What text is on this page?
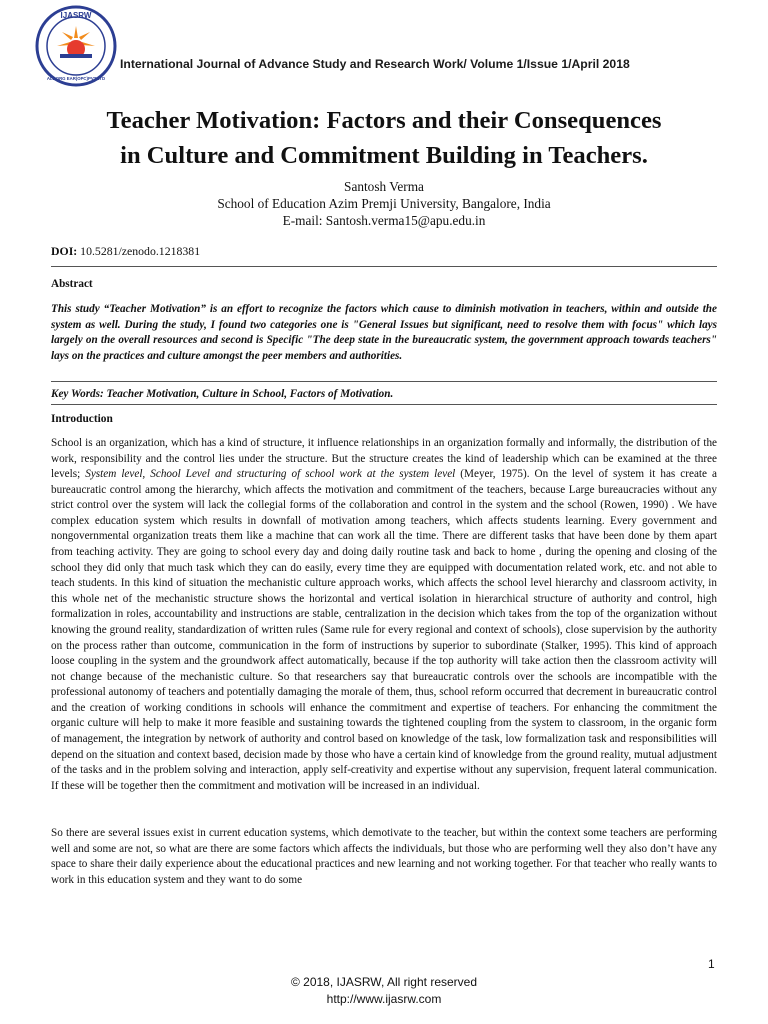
IJASRW
ALBORG EAR(OPC)PVT.LTD
International Journal of Advance Study and Research Work/ Volume 1/Issue 1/April 2018
Teacher Motivation: Factors and their Consequences
in Culture and Commitment Building in Teachers.
Santosh Verma
School of Education Azim Premji University, Bangalore, India
E-mail: Santosh.verma15@apu.edu.in
DOI: 10.5281/zenodo.1218381
Abstract
This study “Teacher Motivation” is an effort to recognize the factors which cause to diminish motivation in teachers, within and outside the system as well. During the study, I found two categories one is "General Issues but significant, need to resolve them with focus" which lays largely on the overall resources and second is Specific "The deep state in the bureaucratic system, the government approach towards teachers" lays on the practices and culture amongst the peer members and authorities.
Key Words: Teacher Motivation, Culture in School, Factors of Motivation.
Introduction
School is an organization, which has a kind of structure, it influence relationships in an organization formally and informally, the distribution of the work, responsibility and the control lies under the structure. But the structure creates the kind of leadership which can be examined at the three levels; System level, School Level and structuring of school work at the system level (Meyer, 1975). On the level of system it has create a bureaucratic control among the hierarchy, which affects the motivation and commitment of the teachers, because Large bureaucracies without any strict control over the system will lack the collegial forms of the collaboration and control in the system and the school (Rowen, 1990) . We have complex education system which results in downfall of motivation among teachers, which affects students learning. Every government and nongovernmental organization treats them like a machine that can work all the time. There are different tasks that have been done by them apart from teaching activity. They are going to school every day and doing daily routine task and back to home , during the opening and closing of the school they did only that much task which they can do easily, every time they are equipped with documentation related work, etc. and not able to teach students. In this kind of situation the mechanistic culture approach works, which affects the school level hierarchy and classroom activity, in this whole net of the mechanistic structure shows the horizontal and vertical isolation in hierarchical structure of authority and control, high formalization in roles, accountability and instructions are stable, centralization in the decision which takes from the top of the organization without knowing the ground reality, standardization of written rules (Same rule for every regional and context of schools), close supervision by the authority on the process rather than outcome, communication in the form of instructions by superior to subordinate (Stalker, 1995). This kind of approach loose coupling in the system and the groundwork affect automatically, because if the top authority will take action then the classroom activity will not change because of the mechanistic culture. So that researchers say that bureaucratic controls over the schools are incompatible with the professional autonomy of teachers and potentially damaging the morale of them, thus, school reform occurred that decrement in bureaucratic control and the creation of working conditions in schools will enhance the commitment and expertise of teachers. For enhancing the commitment the organic culture will help to make it more feasible and sustaining towards the tightened coupling from the system to classroom, in the organic form of management, the integration by network of authority and control based on knowledge of the task, low formalization task and responsibilities will depend on the situation and context based, decision made by those who have a certain kind of knowledge from the ground reality, mutual adjustment of the tasks and in the problem solving and interaction, apply self-creativity and expertise without any supervision, frequent lateral communication. If these will be together then the commitment and motivation will be increased in an individual.
So there are several issues exist in current education systems, which demotivate to the teacher, but within the context some teachers are performing well and some are not, so what are there are some factors which affects the individuals, but those who are performing well they also don’t have any space to share their daily experience about the educational practices and new learning and not working together. For that teacher who really wants to work in this education system and they want to do some
1
© 2018, IJASRW, All right reserved
http://www.ijasrw.com
